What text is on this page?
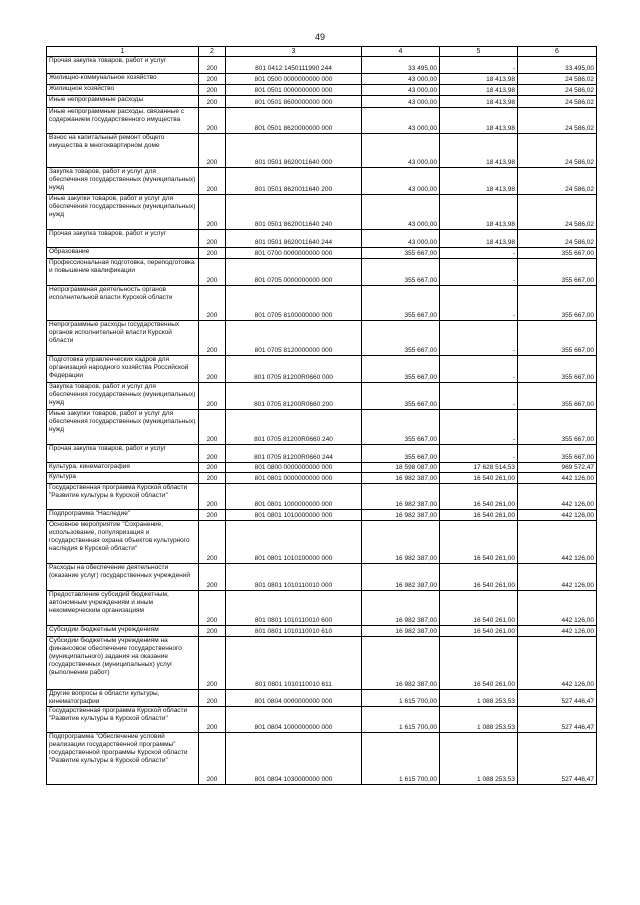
49
1	2	3	4	5	6
Прочая закупка товаров, работ и услуг	200	801 0412 1450111990 244	33 495,00	-	33 495,00
Жилищно-коммунальное хозяйство	200	801 0500 0000000000 000	43 000,00	18 413,98	24 586,02
Жилищное хозяйство	200	801 0501 0000000000 000	43 000,00	18 413,98	24 586,02
Иные непрограммные расходы	200	801 0501 8600000000 000	43 000,00	18 413,98	24 586,02
Иные непрограммные расходы, связанные с содержанием государственного имущества	200	801 0501 8620000000 000	43 000,00	18 413,98	24 586,02
Взнос на капитальный ремонт общего имущества в многоквартирном доме	200	801 0501 8620011640 000	43 000,00	18 413,98	24 586,02
Закупка товаров, работ и услуг для обеспечения государственных (муниципальных) нужд	200	801 0501 8620011640 200	43 000,00	18 413,98	24 586,02
Иные закупки товаров, работ и услуг для обеспечения государственных (муниципальных) нужд	200	801 0501 8620011640 240	43 000,00	18 413,98	24 586,02
Прочая закупка товаров, работ и услуг	200	801 0501 8620011640 244	43 000,00	18 413,98	24 586,02
Образование	200	801 0700 0000000000 000	355 667,00	-	355 667,00
Профессиональная подготовка, переподготовка и повышение квалификации	200	801 0705 0000000000 000	355 667,00	-	355 667,00
Непрограммная деятельность органов исполнительной власти Курской области	200	801 0705 8100000000 000	355 667,00	-	355 667,00
Непрограммные расходы государственных органов исполнительной власти Курской области	200	801 0705 8120000000 000	355 667,00	-	355 667,00
Подготовка управленческих кадров для организаций народного хозяйства Российской Федерации	200	801 0705 81200R0660 000	355 667,00	-	355 667,00
Закупка товаров, работ и услуг для обеспечения государственных (муниципальных) нужд	200	801 0705 81200R0660 200	355 667,00	-	355 667,00
Иные закупки товаров, работ и услуг для обеспечения государственных (муниципальных) нужд	200	801 0705 81200R0660 240	355 667,00	-	355 667,00
Прочая закупка товаров, работ и услуг	200	801 0705 81200R0660 244	355 667,00	-	355 667,00
Культура, кинематография	200	801 0800 0000000000 000	18 598 087,00	17 628 514,53	969 572,47
Культура	200	801 0801 0000000000 000	16 982 387,00	16 540 261,00	442 126,00
Государственная программа Курской области "Развитие культуры в Курской области"	200	801 0801 1000000000 000	16 982 387,00	16 540 261,00	442 126,00
Подпрограмма "Наследие"	200	801 0801 1010000000 000	16 982 387,00	16 540 261,00	442 126,00
Основное мероприятие "Сохранение, использование, популяризация и государственная охрана объектов культурного наследия в Курской области"	200	801 0801 1010100000 000	16 982 387,00	16 540 261,00	442 126,00
Расходы на обеспечение деятельности (оказание услуг) государственных учреждений	200	801 0801 1010110010 000	16 982 387,00	16 540 261,00	442 126,00
Предоставление субсидий бюджетным, автономным учреждениям и иным некоммерческим организациям	200	801 0801 1010110010 600	16 982 387,00	16 540 261,00	442 126,00
Субсидии бюджетным учреждениям	200	801 0801 1010110010 610	16 982 387,00	16 540 261,00	442 126,00
Субсидии бюджетным учреждениям на финансовое обеспечение государственного (муниципального) задания на оказание государственных (муниципальных) услуг (выполнение работ)	200	801 0801 1010110010 611	16 982 387,00	16 540 261,00	442 126,00
Другие вопросы в области культуры, кинематографии	200	801 0804 0000000000 000	1 615 700,00	1 088 253,53	527 446,47
Государственная программа Курской области "Развитие культуры в Курской области"	200	801 0804 1000000000 000	1 615 700,00	1 088 253,53	527 446,47
Подпрограмма "Обеспечение условий реализации государственной программы" государственной программы Курской области "Развитие культуры в Курской области"	200	801 0804 1030000000 000	1 615 700,00	1 088 253,53	527 446,47
